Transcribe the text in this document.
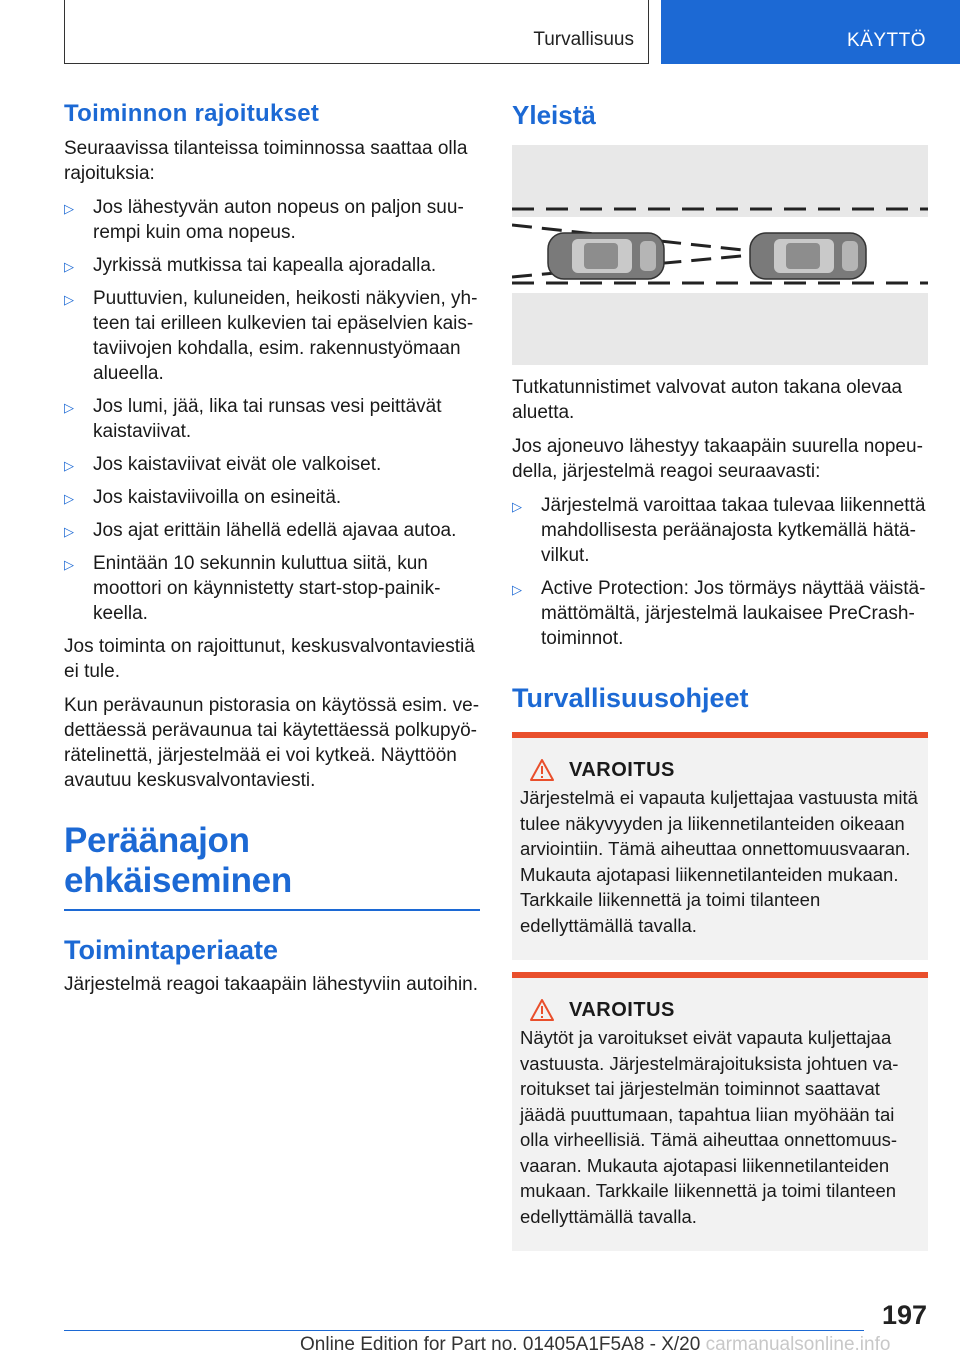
Turvallisuus	KÄYTTÖ
Toiminnon rajoitukset

Seuraavissa tilanteissa toiminnossa saattaa olla rajoituksia:

▷ Jos lähestyvän auton nopeus on paljon suurempi kuin oma nopeus.
▷ Jyrkissä mutkissa tai kapealla ajoradalla.
▷ Puuttuvien, kuluneiden, heikosti näkyvien, yhteen tai erilleen kulkevien tai epäselvien kaistaviivojen kohdalla, esim. rakennustyömaan alueella.
▷ Jos lumi, jää, lika tai runsas vesi peittävät kaistaviivat.
▷ Jos kaistaviivat eivät ole valkoiset.
▷ Jos kaistaviivoilla on esineitä.
▷ Jos ajat erittäin lähellä edellä ajavaa autoa.
▷ Enintään 10 sekunnin kuluttua siitä, kun moottori on käynnistetty start-stop-painikkeella.

Jos toiminta on rajoittunut, keskusvalvontaviestiä ei tule.

Kun perävaunun pistorasia on käytössä esim. vedettäessä perävaunua tai käytettäessä polkupyörätelinettä, järjestelmää ei voi kytkeä. Näyttöön avautuu keskusvalvontaviesti.

Peräänajon ehkäiseminen
Toimintaperiaate

Järjestelmä reagoi takaapäin lähestyviin autoihin.

Yleistä

Tutkatunnistimet valvovat auton takana olevaa aluetta.

Jos ajoneuvo lähestyy takaapäin suurella nopeudella, järjestelmä reagoi seuraavasti:

▷ Järjestelmä varoittaa takaa tulevaa liikennettä mahdollisesta peräänajosta kytkemällä hätävilkut.
▷ Active Protection: Jos törmäys näyttää väistämättömältä, järjestelmä laukaisee PreCrash-toiminnot.
Turvallisuusohjeet
VAROITUS

Järjestelmä ei vapauta kuljettajaa vastuusta mitä tulee näkyvyyden ja liikennetilanteiden oikeaan arviointiin. Tämä aiheuttaa onnettomuusvaaran. Mukauta ajotapasi liikennetilanteiden mukaan. Tarkkaile liikennettä ja toimi tilanteen edellyttämällä tavalla.

VAROITUS

Näytöt ja varoitukset eivät vapauta kuljettajaa vastuusta. Järjestelmärajoituksista johtuen varoitukset tai järjestelmän toiminnot saattavat jäädä puuttumaan, tapahtua liian myöhään tai olla virheellisiä. Tämä aiheuttaa onnettomuusvaaran. Mukauta ajotapasi liikennetilanteiden mukaan. Tarkkaile liikennettä ja toimi tilanteen edellyttämällä tavalla.

197
Online Edition for Part no. 01405A1F5A8 - X/20 carmanualsonline.info
